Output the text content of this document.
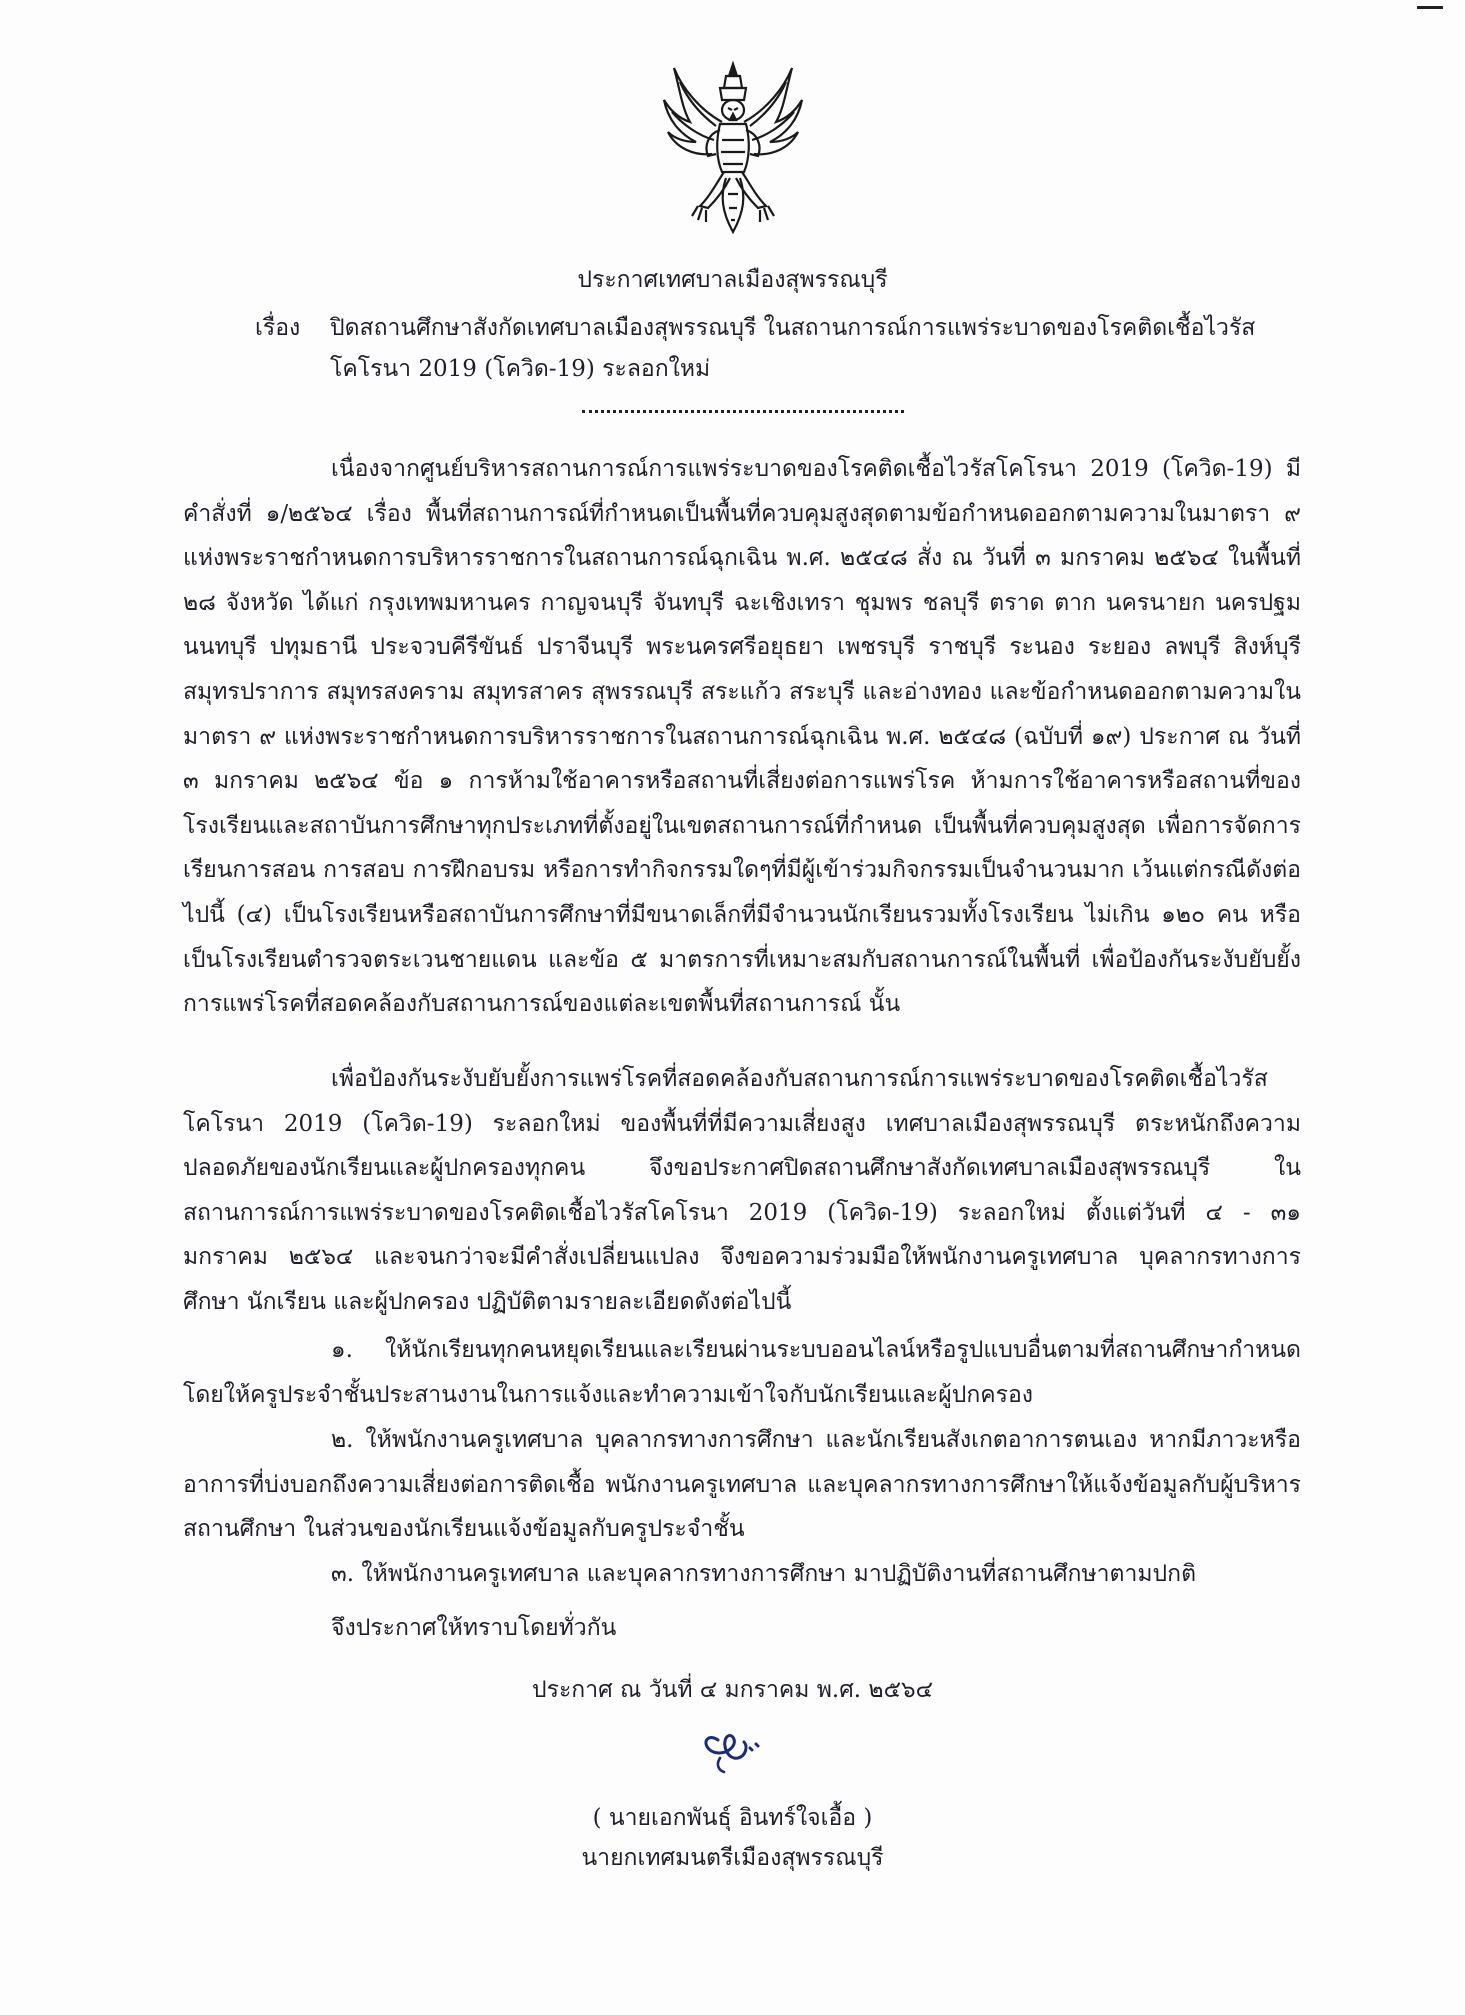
ประกาศเทศบาลเมืองสุพรรณบุรี
เรื่อง ปิดสถานศึกษาสังกัดเทศบาลเมืองสุพรรณบุรี ในสถานการณ์การแพร่ระบาดของโรคติดเชื้อไวรัสโคโรนา 2019 (โควิด-19) ระลอกใหม่

เนื่องจากศูนย์บริหารสถานการณ์การแพร่ระบาดของโรคติดเชื้อไวรัสโคโรนา 2019 (โควิด-19) มีคำสั่งที่ ๑/๒๕๖๔ เรื่อง พื้นที่สถานการณ์ที่กำหนดเป็นพื้นที่ควบคุมสูงสุดตามข้อกำหนดออกตามความในมาตรา ๙ แห่งพระราชกำหนดการบริหารราชการในสถานการณ์ฉุกเฉิน พ.ศ. ๒๕๔๘ สั่ง ณ วันที่ ๓ มกราคม ๒๕๖๔ ในพื้นที่ ๒๘ จังหวัด ได้แก่ กรุงเทพมหานคร กาญจนบุรี จันทบุรี ฉะเชิงเทรา ชุมพร ชลบุรี ตราด ตาก นครนายก นครปฐม นนทบุรี ปทุมธานี ประจวบคีรีขันธ์ ปราจีนบุรี พระนครศรีอยุธยา เพชรบุรี ราชบุรี ระนอง ระยอง ลพบุรี สิงห์บุรี สมุทรปราการ สมุทรสงคราม สมุทรสาคร สุพรรณบุรี สระแก้ว สระบุรี และอ่างทอง และข้อกำหนดออกตามความในมาตรา ๙ แห่งพระราชกำหนดการบริหารราชการในสถานการณ์ฉุกเฉิน พ.ศ. ๒๕๔๘ (ฉบับที่ ๑๙) ประกาศ ณ วันที่ ๓ มกราคม ๒๕๖๔ ข้อ ๑ การห้ามใช้อาคารหรือสถานที่เสี่ยงต่อการแพร่โรค ห้ามการใช้อาคารหรือสถานที่ของโรงเรียนและสถาบันการศึกษาทุกประเภทที่ตั้งอยู่ในเขตสถานการณ์ที่กำหนด เป็นพื้นที่ควบคุมสูงสุด เพื่อการจัดการเรียนการสอน การสอบ การฝึกอบรม หรือการทำกิจกรรมใดๆที่มีผู้เข้าร่วมกิจกรรมเป็นจำนวนมาก เว้นแต่กรณีดังต่อไปนี้ (๔) เป็นโรงเรียนหรือสถาบันการศึกษาที่มีขนาดเล็กที่มีจำนวนนักเรียนรวมทั้งโรงเรียน ไม่เกิน ๑๒๐ คน หรือ เป็นโรงเรียนตำรวจตระเวนชายแดน และข้อ ๕ มาตรการที่เหมาะสมกับสถานการณ์ในพื้นที่ เพื่อป้องกันระงับยับยั้งการแพร่โรคที่สอดคล้องกับสถานการณ์ของแต่ละเขตพื้นที่สถานการณ์ นั้น

เพื่อป้องกันระงับยับยั้งการแพร่โรคที่สอดคล้องกับสถานการณ์การแพร่ระบาดของโรคติดเชื้อไวรัสโคโรนา 2019 (โควิด-19) ระลอกใหม่ ของพื้นที่ที่มีความเสี่ยงสูง เทศบาลเมืองสุพรรณบุรี ตระหนักถึงความปลอดภัยของนักเรียนและผู้ปกครองทุกคน จึงขอประกาศปิดสถานศึกษาสังกัดเทศบาลเมืองสุพรรณบุรี ในสถานการณ์การแพร่ระบาดของโรคติดเชื้อไวรัสโคโรนา 2019 (โควิด-19) ระลอกใหม่ ตั้งแต่วันที่ ๔ - ๓๑ มกราคม ๒๕๖๔ และจนกว่าจะมีคำสั่งเปลี่ยนแปลง จึงขอความร่วมมือให้พนักงานครูเทศบาล บุคลากรทางการศึกษา นักเรียน และผู้ปกครอง ปฏิบัติตามรายละเอียดดังต่อไปนี้

๑. ให้นักเรียนทุกคนหยุดเรียนและเรียนผ่านระบบออนไลน์หรือรูปแบบอื่นตามที่สถานศึกษากำหนด โดยให้ครูประจำชั้นประสานงานในการแจ้งและทำความเข้าใจกับนักเรียนและผู้ปกครอง

๒. ให้พนักงานครูเทศบาล บุคลากรทางการศึกษา และนักเรียนสังเกตอาการตนเอง หากมีภาวะหรืออาการที่บ่งบอกถึงความเสี่ยงต่อการติดเชื้อ พนักงานครูเทศบาล และบุคลากรทางการศึกษาให้แจ้งข้อมูลกับผู้บริหารสถานศึกษา ในส่วนของนักเรียนแจ้งข้อมูลกับครูประจำชั้น

๓. ให้พนักงานครูเทศบาล และบุคลากรทางการศึกษา มาปฏิบัติงานที่สถานศึกษาตามปกติ

จึงประกาศให้ทราบโดยทั่วกัน
ประกาศ ณ วันที่ ๔ มกราคม พ.ศ. ๒๕๖๔
( นายเอกพันธุ์ อินทร์ใจเอื้อ )
นายกเทศมนตรีเมืองสุพรรณบุรี
